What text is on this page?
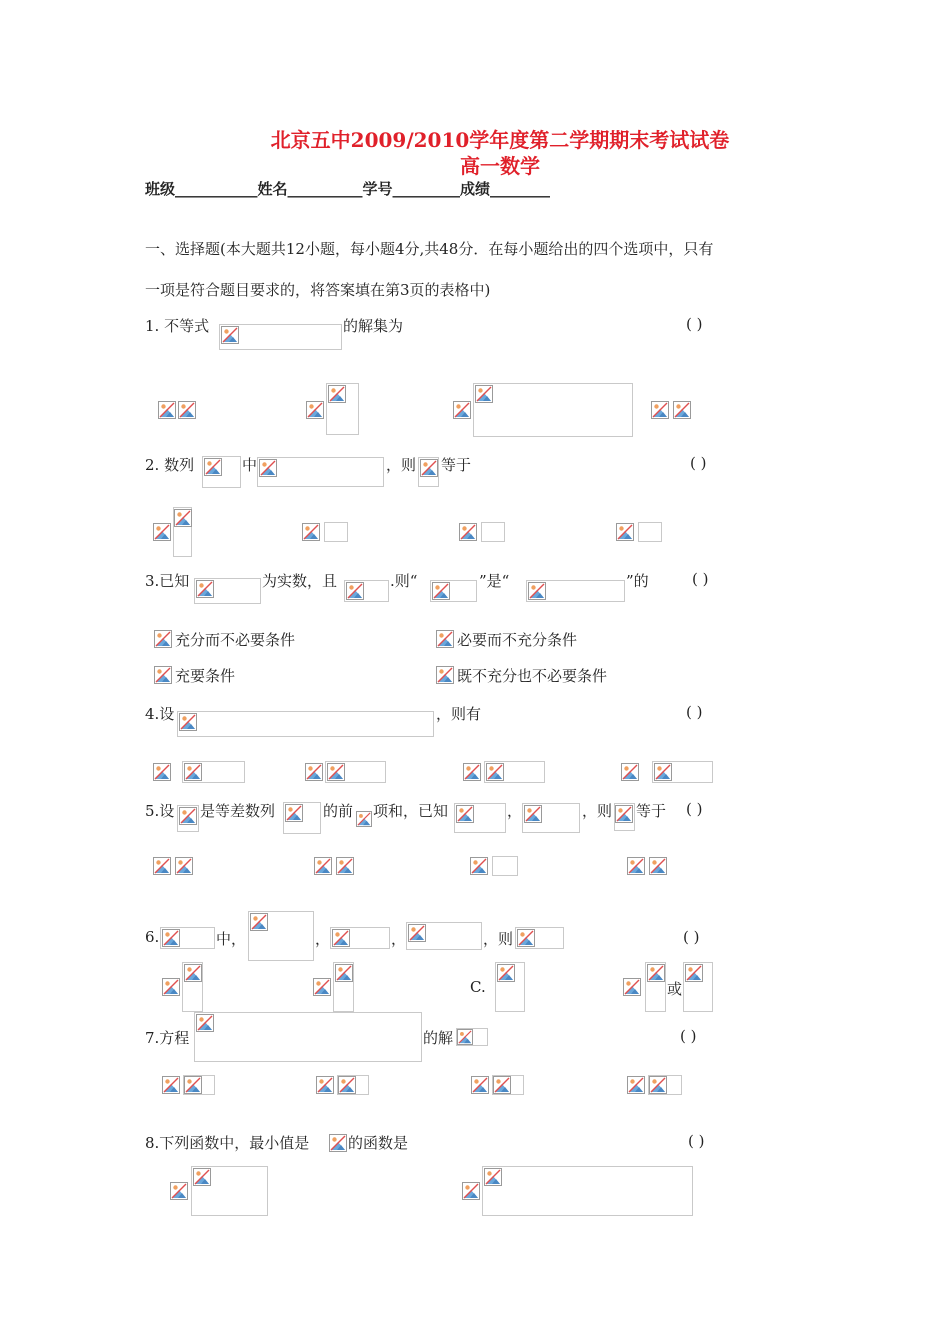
北京五中2009/2010学年度第二学期期末考试试卷
高一数学
班级___________姓名__________学号_________成绩________
一、选择题(本大题共12小题，每小题4分,共48分．在每小题给出的四个选项中，只有
一项是符合题目要求的，将答案填在第3页的表格中)
1. 不等式	的解集为	( )
2. 数列	中	，则 等于	( )
3.已知	为实数，且	.则“	”是“	”的	( )
充分而不必要条件	必要而不充分条件
充要条件	既不充分也不必要条件
4.设	，则有	( )
5.设 是等差数列	的前 项和，已知	，	，则 等于 ( )
6.	中，	，	，	，则	( )
C.	或
7.方程	的解	( )
8.下列函数中，最小值是	的函数是	( )
